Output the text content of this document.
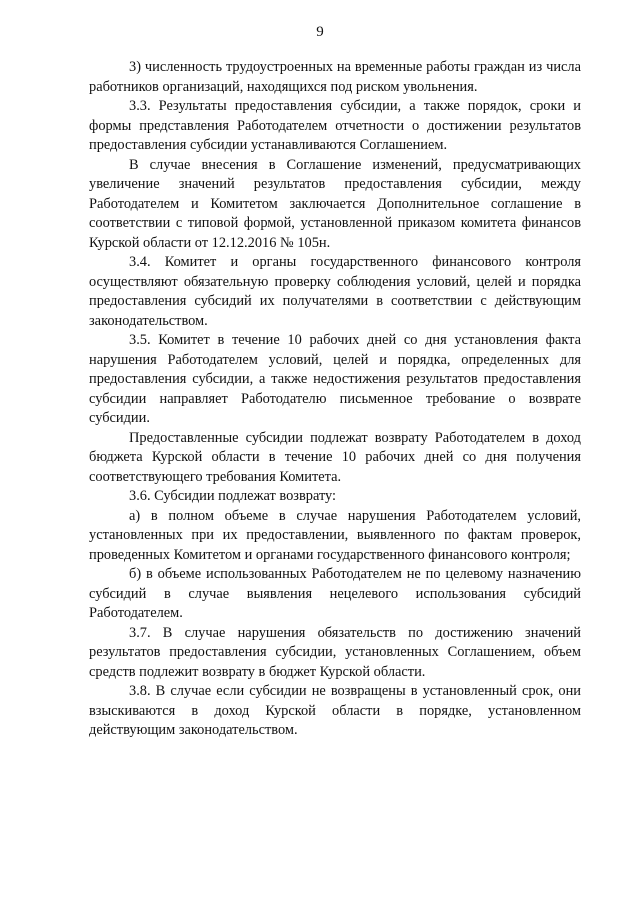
9

3) численность трудоустроенных на временные работы граждан из числа работников организаций, находящихся под риском увольнения.

3.3. Результаты предоставления субсидии, а также порядок, сроки и формы представления Работодателем отчетности о достижении результатов предоставления субсидии устанавливаются Соглашением.

В случае внесения в Соглашение изменений, предусматривающих увеличение значений результатов предоставления субсидии, между Работодателем и Комитетом заключается Дополнительное соглашение в соответствии с типовой формой, установленной приказом комитета финансов Курской области от 12.12.2016 № 105н.

3.4. Комитет и органы государственного финансового контроля осуществляют обязательную проверку соблюдения условий, целей и порядка предоставления субсидий их получателями в соответствии с действующим законодательством.

3.5. Комитет в течение 10 рабочих дней со дня установления факта нарушения Работодателем условий, целей и порядка, определенных для предоставления субсидии, а также недостижения результатов предоставления субсидии направляет Работодателю письменное требование о возврате субсидии.

Предоставленные субсидии подлежат возврату Работодателем в доход бюджета Курской области в течение 10 рабочих дней со дня получения соответствующего требования Комитета.

3.6. Субсидии подлежат возврату:

а) в полном объеме в случае нарушения Работодателем условий, установленных при их предоставлении, выявленного по фактам проверок, проведенных Комитетом и органами государственного финансового контроля;

б) в объеме использованных Работодателем не по целевому назначению субсидий в случае выявления нецелевого использования субсидий Работодателем.

3.7. В случае нарушения обязательств по достижению значений результатов предоставления субсидии, установленных Соглашением, объем средств подлежит возврату в бюджет Курской области.

3.8. В случае если субсидии не возвращены в установленный срок, они взыскиваются в доход Курской области в порядке, установленном действующим законодательством.
